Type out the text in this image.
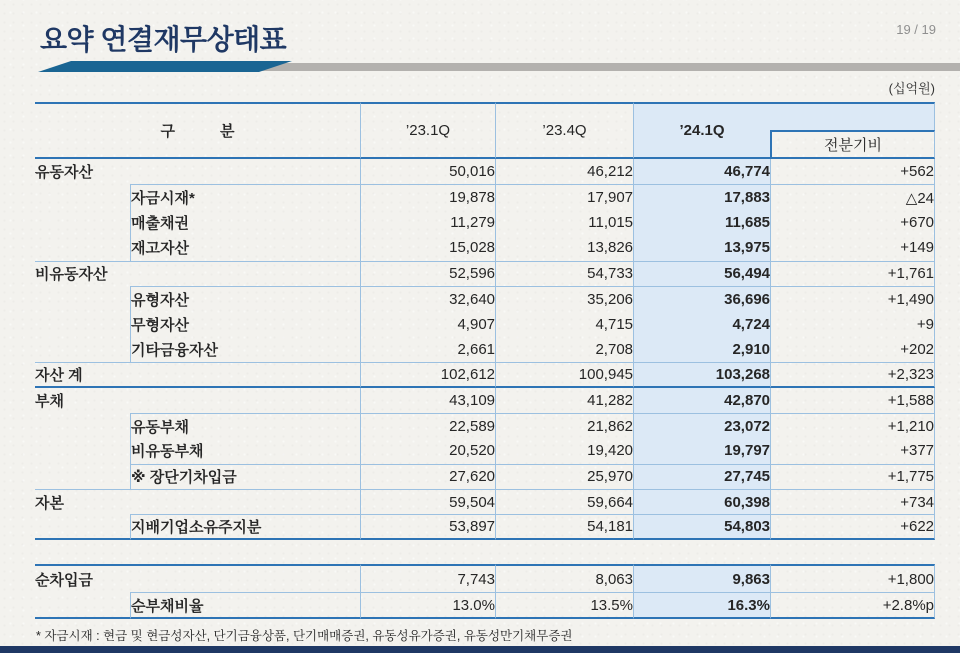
요약 연결재무상태표	19 / 19
(십억원)
구　　　분		’23.1Q	’23.4Q	’24.1Q	
					전분기비
유동자산		50,016	46,212	46,774	+562
	자금시재*	19,878	17,907	17,883	△24
	매출채권	11,279	11,015	11,685	+670
	재고자산	15,028	13,826	13,975	+149
비유동자산		52,596	54,733	56,494	+1,761
	유형자산	32,640	35,206	36,696	+1,490
	무형자산	4,907	4,715	4,724	+9
	기타금융자산	2,661	2,708	2,910	+202
자산 계		102,612	100,945	103,268	+2,323
부채		43,109	41,282	42,870	+1,588
	유동부채	22,589	21,862	23,072	+1,210
	비유동부채	20,520	19,420	19,797	+377
	※ 장단기차입금	27,620	25,970	27,745	+1,775
자본		59,504	59,664	60,398	+734
	지배기업소유주지분	53,897	54,181	54,803	+622
순차입금		7,743	8,063	9,863	+1,800
	순부채비율	13.0%	13.5%	16.3%	+2.8%p
* 자금시재 : 현금 및 현금성자산, 단기금융상품, 단기매매증권, 유동성유가증권, 유동성만기채무증권
